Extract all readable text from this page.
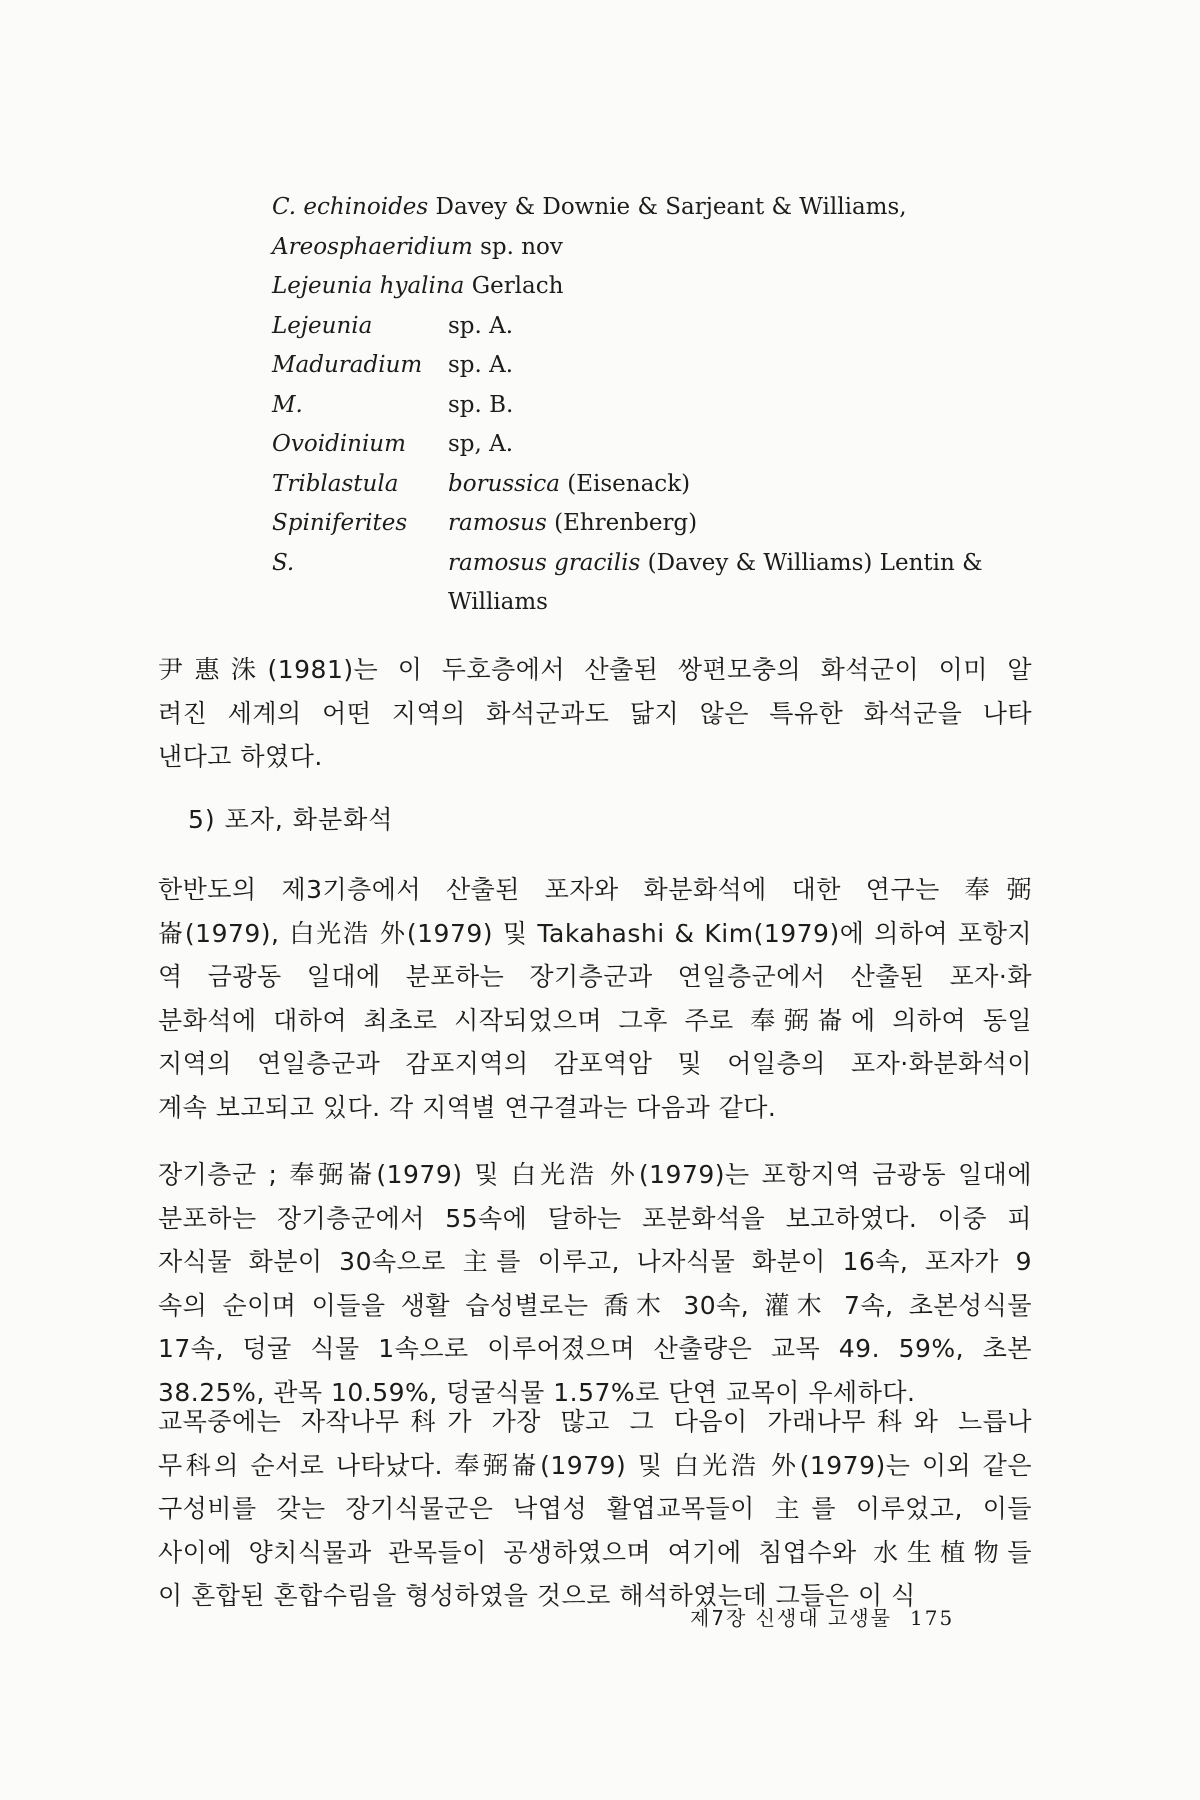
C. echinoides Davey & Downie & Sarjeant & Williams,
Areosphaeridium sp. nov
Lejeunia hyalina Gerlach
Lejeunia	sp. A.
Maduradium sp. A.
M.	sp. B.
Ovoidinium sp, A.
Triblastula borussica (Eisenack)
Spiniferites ramosus (Ehrenberg)
S.	ramosus gracilis (Davey & Williams) Lentin &
Williams
尹惠洙(1981)는 이 두호층에서 산출된 쌍편모충의 화석군이 이미 알
려진 세계의 어떤 지역의 화석군과도 닮지 않은 특유한 화석군을 나타
낸다고 하였다.
5) 포자, 화분화석
한반도의 제3기층에서 산출된 포자와 화분화석에 대한 연구는 奉弼
崙(1979), 白光浩 外(1979) 및 Takahashi & Kim(1979)에 의하여 포항지
역 금광동 일대에 분포하는 장기층군과 연일층군에서 산출된 포자·화
분화석에 대하여 최초로 시작되었으며 그후 주로 奉弼崙에 의하여 동일
지역의 연일층군과 감포지역의 감포역암 및 어일층의 포자·화분화석이
계속 보고되고 있다. 각 지역별 연구결과는 다음과 같다.
장기층군 ; 奉弼崙(1979) 및 白光浩 外(1979)는 포항지역 금광동 일대에
분포하는 장기층군에서 55속에 달하는 포분화석을 보고하였다. 이중 피
자식물 화분이 30속으로 主를 이루고, 나자식물 화분이 16속, 포자가 9
속의 순이며 이들을 생활 습성별로는 喬木 30속, 灌木 7속, 초본성식물
17속, 덩굴 식물 1속으로 이루어졌으며 산출량은 교목 49. 59%, 초본
38.25%, 관목 10.59%, 덩굴식물 1.57%로 단연 교목이 우세하다.
교목중에는 자작나무科가 가장 많고 그 다음이 가래나무科와 느릅나
무科의 순서로 나타났다. 奉弼崙(1979) 및 白光浩 外(1979)는 이외 같은
구성비를 갖는 장기식물군은 낙엽성 활엽교목들이 主를 이루었고, 이들
사이에 양치식물과 관목들이 공생하였으며 여기에 침엽수와 水生植物들
이 혼합된 혼합수림을 형성하였을 것으로 해석하였는데 그들은 이 식
제7장 신생대 고생물 175
